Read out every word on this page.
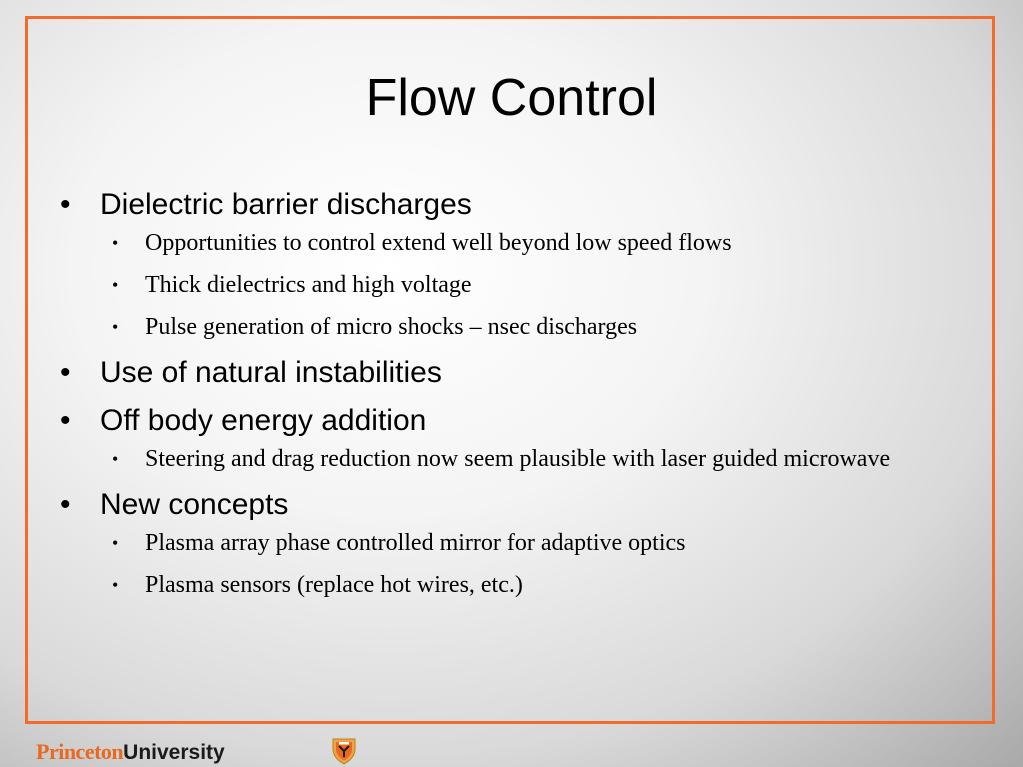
Flow Control
• Dielectric barrier discharges
• Opportunities to control extend well beyond low speed flows
• Thick dielectrics and high voltage
• Pulse generation of micro shocks – nsec discharges
• Use of natural instabilities
• Off body energy addition
• Steering and drag reduction now seem plausible with laser guided microwave
• New concepts
• Plasma array phase controlled mirror for adaptive optics
• Plasma sensors (replace hot wires, etc.)
PrincetonUniversity
